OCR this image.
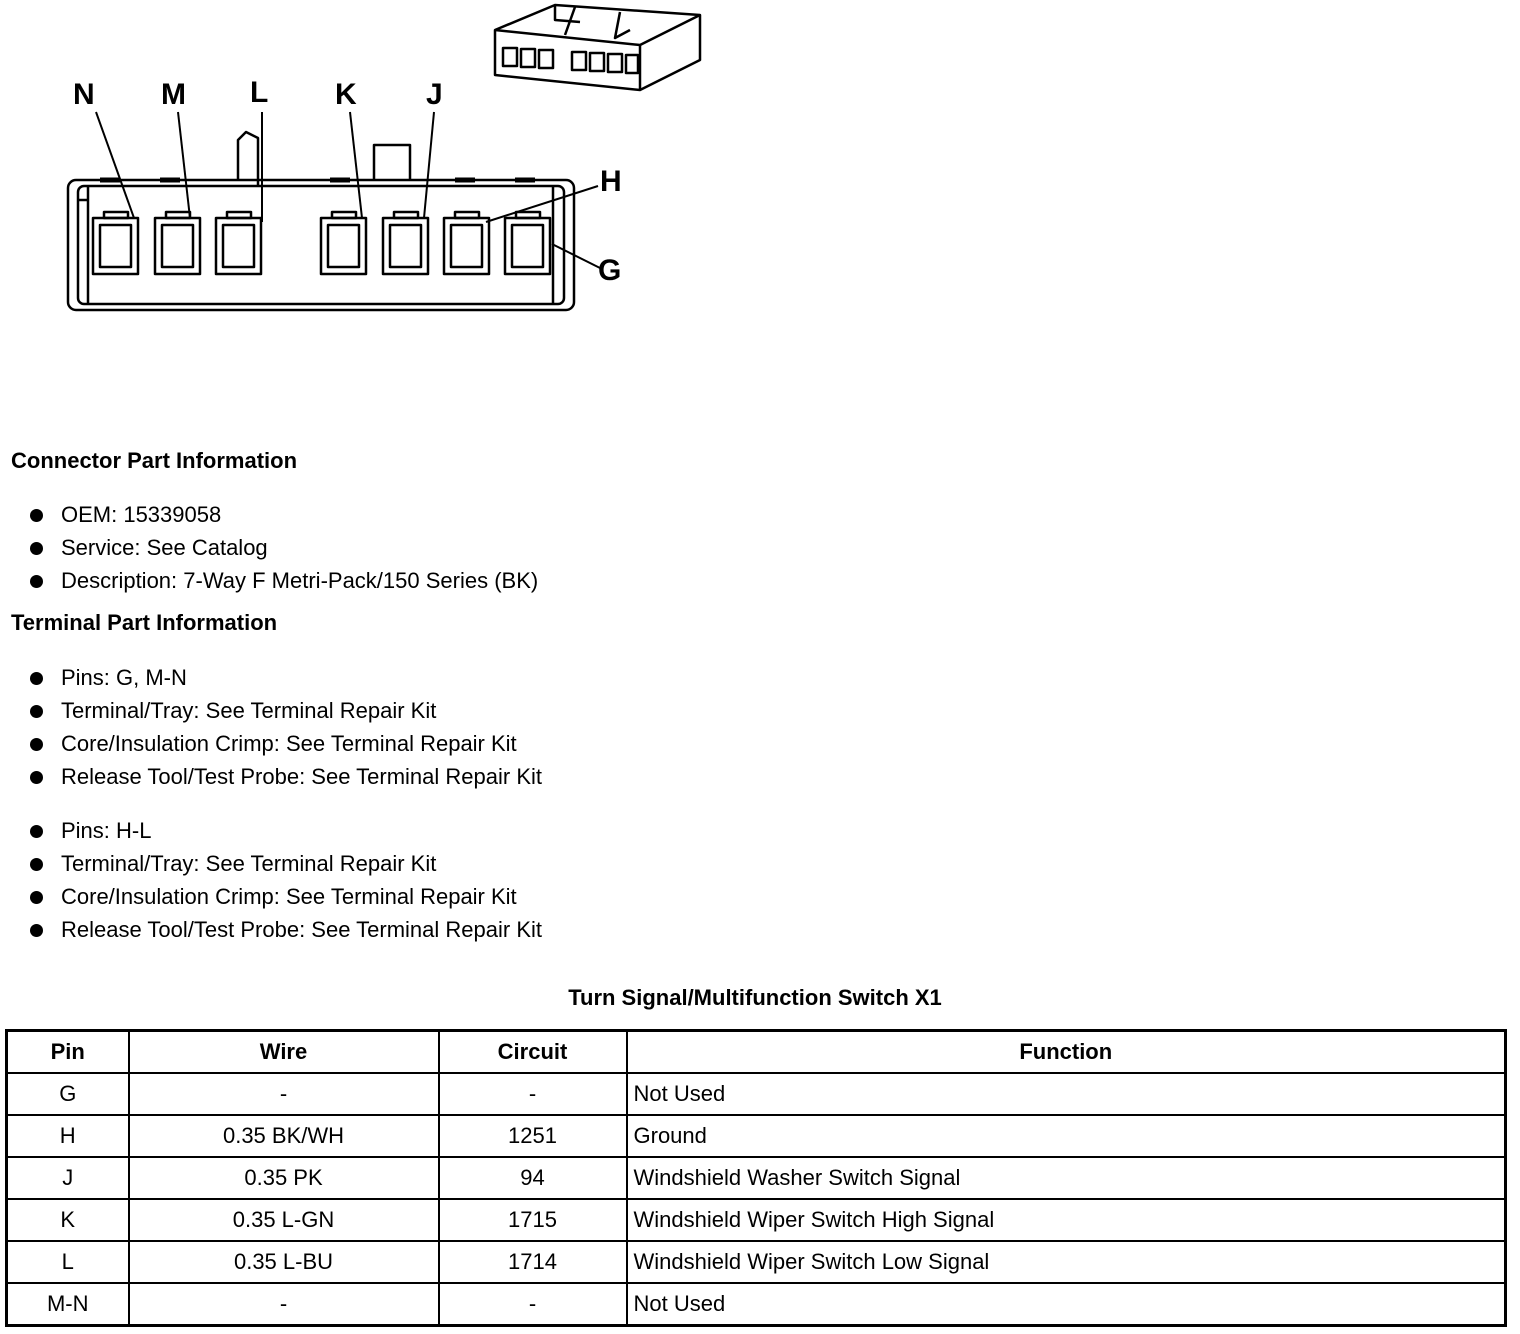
N M L K J
H
G
Connector Part Information
OEM: 15339058
Service: See Catalog
Description: 7-Way F Metri-Pack/150 Series (BK)
Terminal Part Information
Pins: G, M-N
Terminal/Tray: See Terminal Repair Kit
Core/Insulation Crimp: See Terminal Repair Kit
Release Tool/Test Probe: See Terminal Repair Kit
Pins: H-L
Terminal/Tray: See Terminal Repair Kit
Core/Insulation Crimp: See Terminal Repair Kit
Release Tool/Test Probe: See Terminal Repair Kit
Turn Signal/Multifunction Switch X1
Pin	Wire	Circuit	Function
G	-	-	Not Used
H	0.35 BK/WH	1251	Ground
J	0.35 PK	94	Windshield Washer Switch Signal
K	0.35 L-GN	1715	Windshield Wiper Switch High Signal
L	0.35 L-BU	1714	Windshield Wiper Switch Low Signal
M-N	-	-	Not Used
